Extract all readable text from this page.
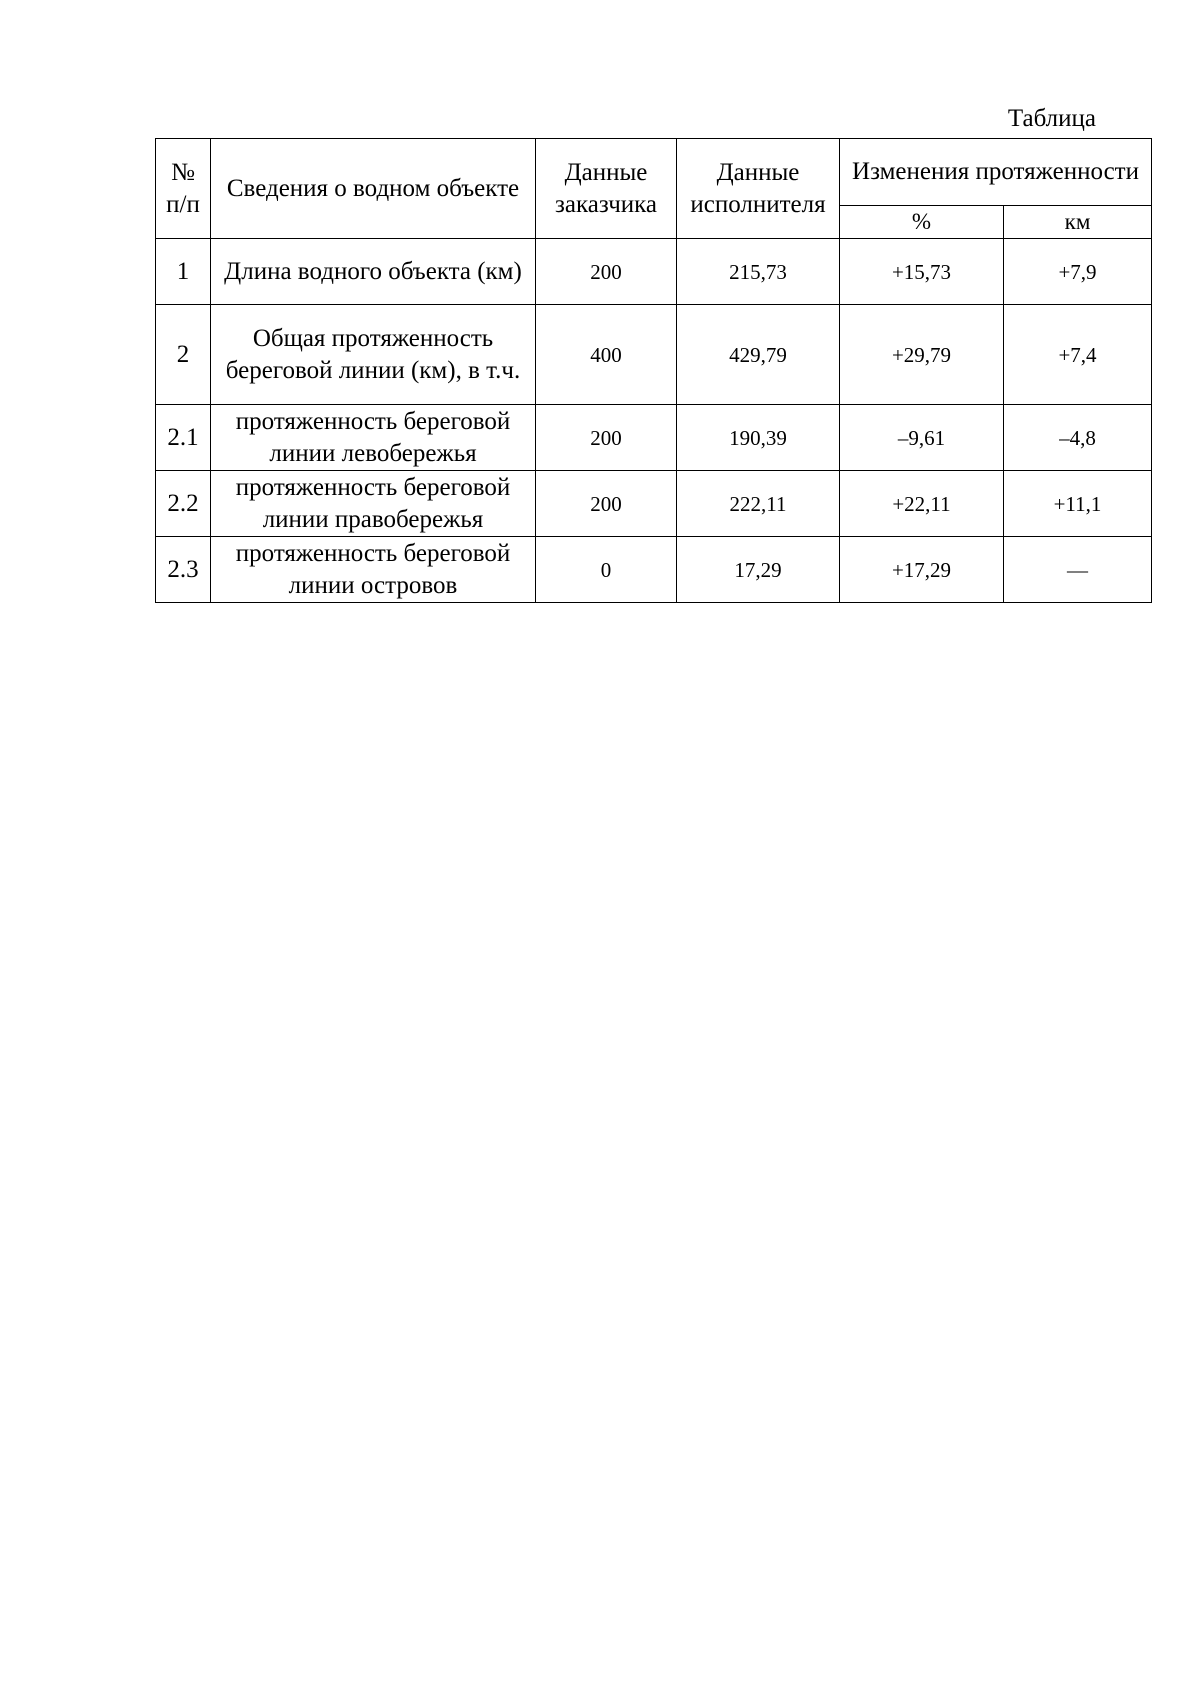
Таблица
№ п/п	Сведения о водном объекте	Данные заказчика	Данные исполнителя	Изменения протяженности	
				%	км
1	Длина водного объекта (км)	200	215,73	+15,73	+7,9
2	Общая протяженность береговой линии (км), в т.ч.	400	429,79	+29,79	+7,4
2.1	протяженность береговой линии левобережья	200	190,39	–9,61	–4,8
2.2	протяженность береговой линии правобережья	200	222,11	+22,11	+11,1
2.3	протяженность береговой линии островов	0	17,29	+17,29	—
